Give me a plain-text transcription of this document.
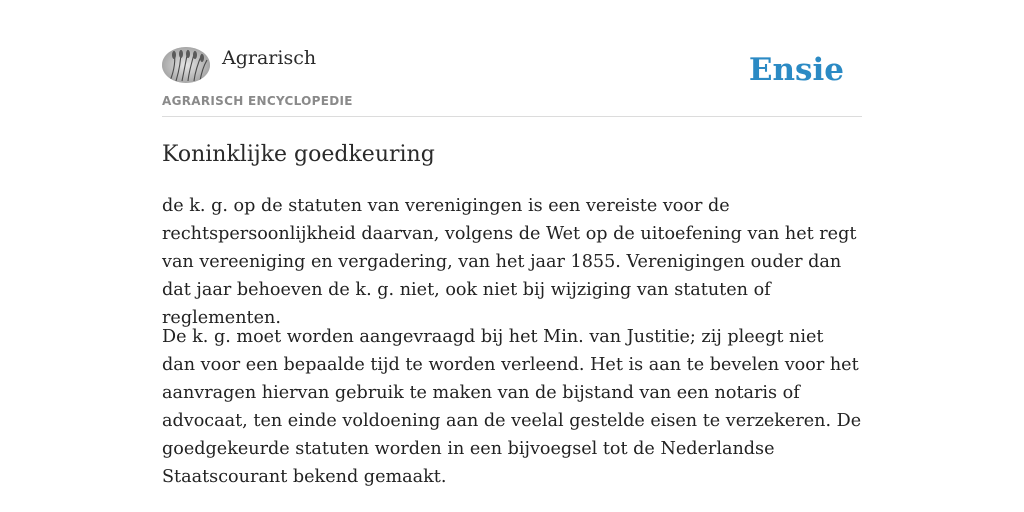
Agrarisch
AGRARISCH ENCYCLOPEDIE
Ensie
Koninklijke goedkeuring

de k. g. op de statuten van verenigingen is een vereiste voor de rechtspersoonlijkheid daarvan, volgens de Wet op de uitoefening van het regt van vereeniging en vergadering, van het jaar 1855. Verenigingen ouder dan dat jaar behoeven de k. g. niet, ook niet bij wijziging van statuten of reglementen.

De k. g. moet worden aangevraagd bij het Min. van Justitie; zij pleegt niet dan voor een bepaalde tijd te worden verleend. Het is aan te bevelen voor het aanvragen hiervan gebruik te maken van de bijstand van een notaris of advocaat, ten einde voldoening aan de veelal gestelde eisen te verzekeren. De goedgekeurde statuten worden in een bijvoegsel tot de Nederlandse Staatscourant bekend gemaakt.
